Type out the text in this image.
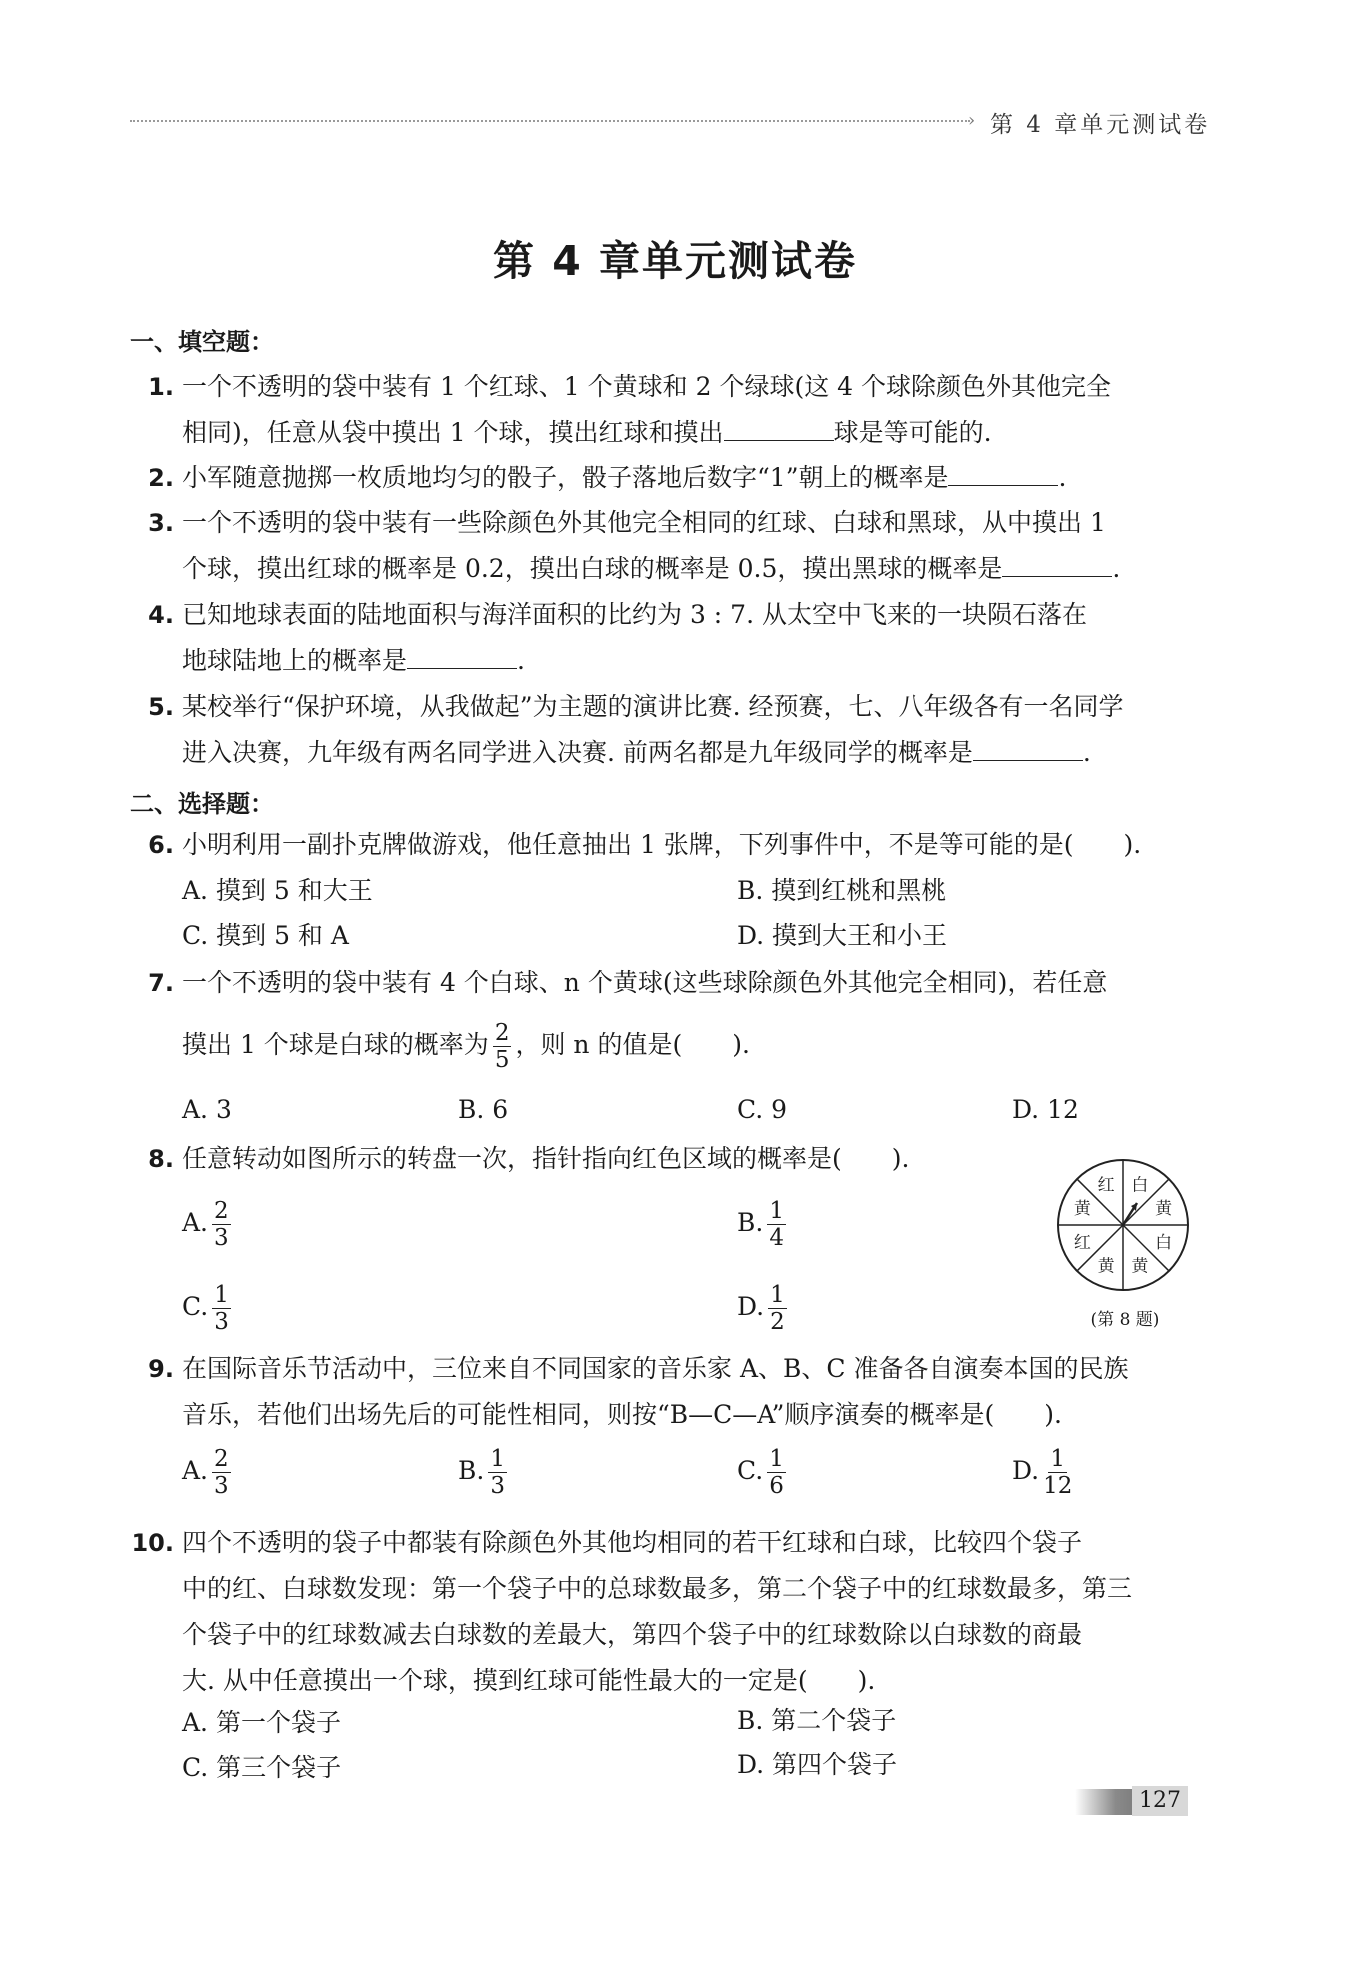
› 第 4 章单元测试卷
第 4 章单元测试卷
一、填空题：
1. 一个不透明的袋中装有 1 个红球、1 个黄球和 2 个绿球(这 4 个球除颜色外其他完全
相同)，任意从袋中摸出 1 个球，摸出红球和摸出	球是等可能的.
2. 小军随意抛掷一枚质地均匀的骰子，骰子落地后数字“1”朝上的概率是	.
3. 一个不透明的袋中装有一些除颜色外其他完全相同的红球、白球和黑球，从中摸出 1
个球，摸出红球的概率是 0.2，摸出白球的概率是 0.5，摸出黑球的概率是	.
4. 已知地球表面的陆地面积与海洋面积的比约为 3 : 7. 从太空中飞来的一块陨石落在
地球陆地上的概率是	.
5. 某校举行“保护环境，从我做起”为主题的演讲比赛. 经预赛，七、八年级各有一名同学
进入决赛，九年级有两名同学进入决赛. 前两名都是九年级同学的概率是	.
二、选择题：
6. 小明利用一副扑克牌做游戏，他任意抽出 1 张牌，下列事件中，不是等可能的是(　　).
A. 摸到 5 和大王	B. 摸到红桃和黑桃
C. 摸到 5 和 A	D. 摸到大王和小王
7. 一个不透明的袋中装有 4 个白球、n 个黄球(这些球除颜色外其他完全相同)，若任意
摸出 1 个球是白球的概率为 $\frac{2}{5}$ ，则 n 的值是(　　).
A. 3	B. 6	C. 9	D. 12
8. 任意转动如图所示的转盘一次，指针指向红色区域的概率是(　　).
A. $\frac{2}{3}$	B. $\frac{1}{4}$
C. $\frac{1}{3}$	D. $\frac{1}{2}$
白
黄
白
黄
黄
红
黄
红
(第 8 题)
9. 在国际音乐节活动中，三位来自不同国家的音乐家 A、B、C 准备各自演奏本国的民族
音乐，若他们出场先后的可能性相同，则按“B—C—A”顺序演奏的概率是(　　).
A. $\frac{2}{3}$	B. $\frac{1}{3}$	C. $\frac{1}{6}$	D. $\frac{1}{12}$
10. 四个不透明的袋子中都装有除颜色外其他均相同的若干红球和白球，比较四个袋子
中的红、白球数发现：第一个袋子中的总球数最多，第二个袋子中的红球数最多，第三
个袋子中的红球数减去白球数的差最大，第四个袋子中的红球数除以白球数的商最
大. 从中任意摸出一个球，摸到红球可能性最大的一定是(　　).
A. 第一个袋子	B. 第二个袋子
C. 第三个袋子	D. 第四个袋子
127
